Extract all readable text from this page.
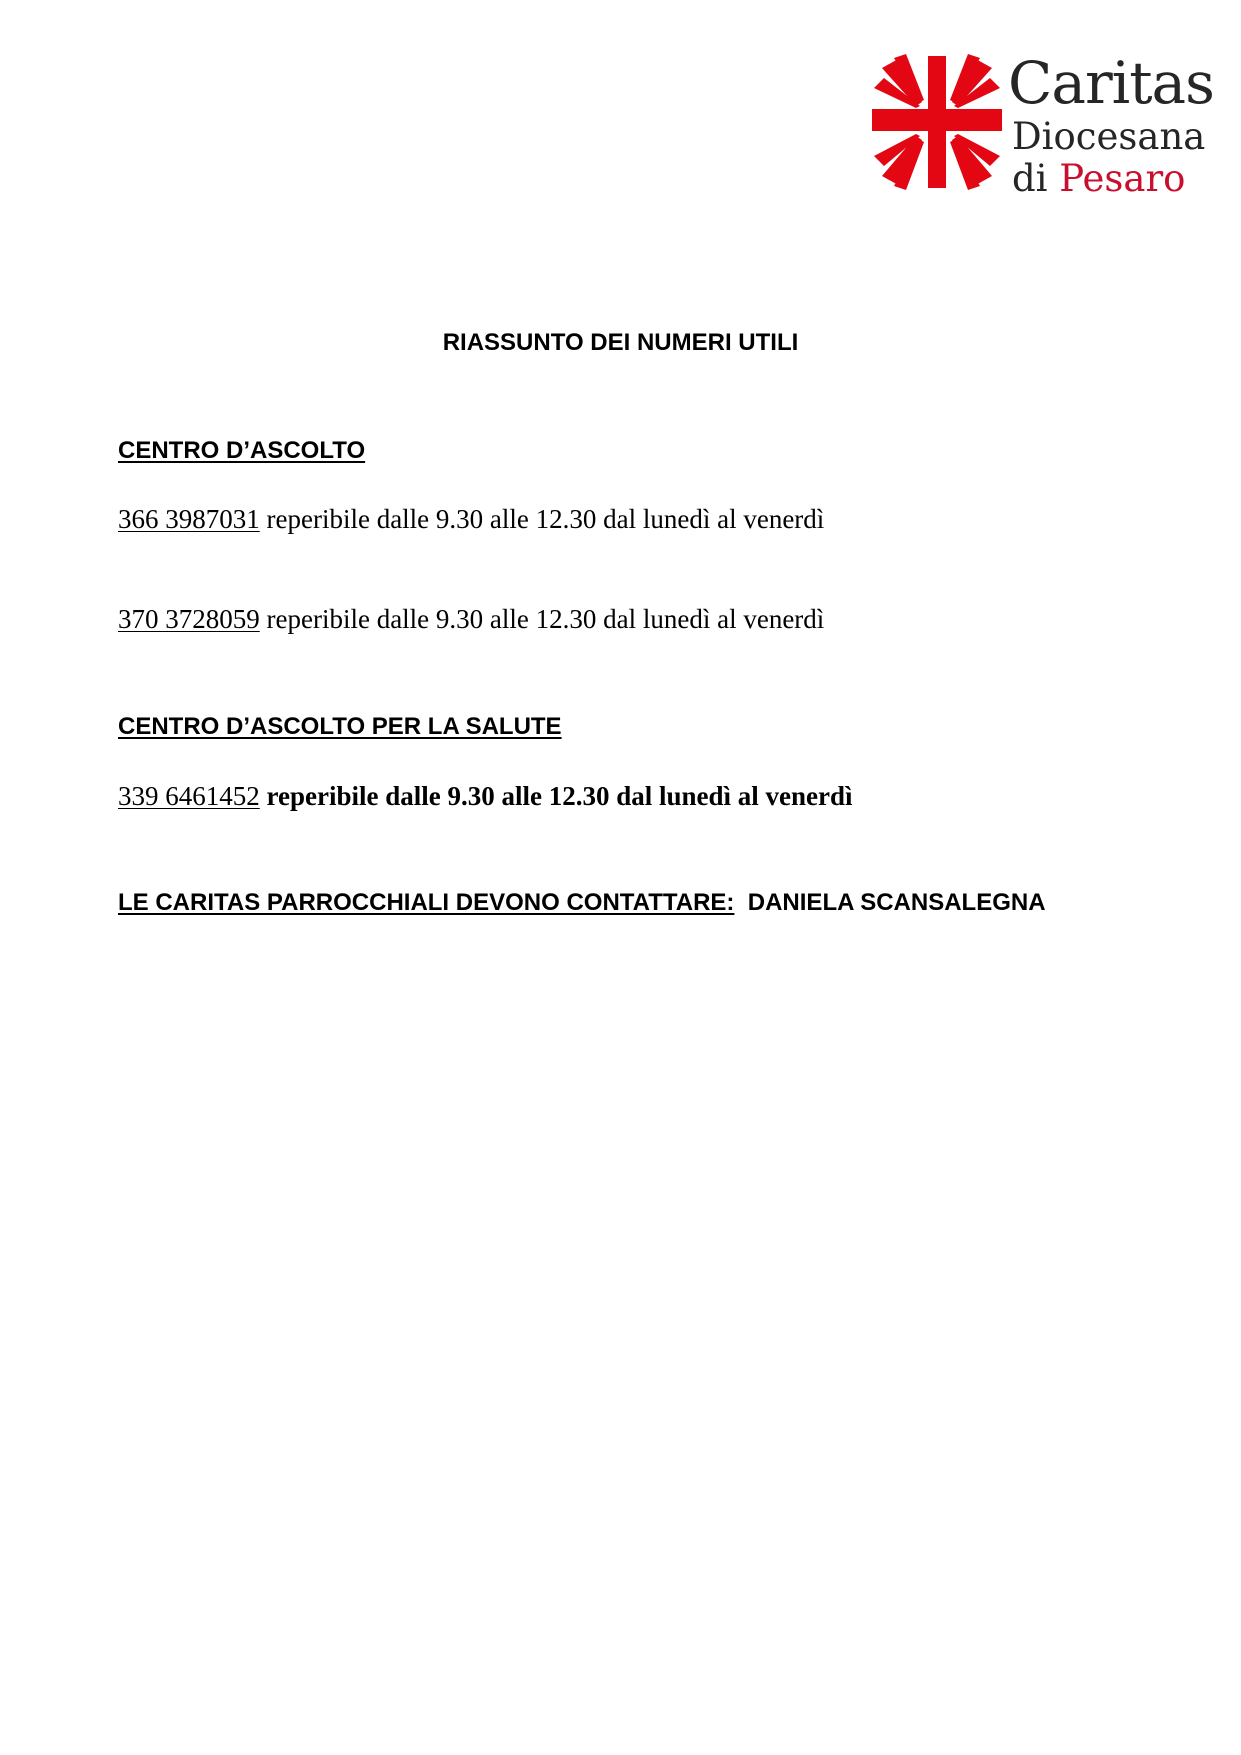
Caritas
Diocesana
di Pesaro
RIASSUNTO DEI NUMERI UTILI
CENTRO D’ASCOLTO
366 3987031 reperibile dalle 9.30 alle 12.30 dal lunedì al venerdì
370 3728059 reperibile dalle 9.30 alle 12.30 dal lunedì al venerdì
CENTRO D’ASCOLTO PER LA SALUTE
339 6461452 reperibile dalle 9.30 alle 12.30 dal lunedì al venerdì
LE CARITAS PARROCCHIALI DEVONO CONTATTARE: DANIELA SCANSALEGNA
